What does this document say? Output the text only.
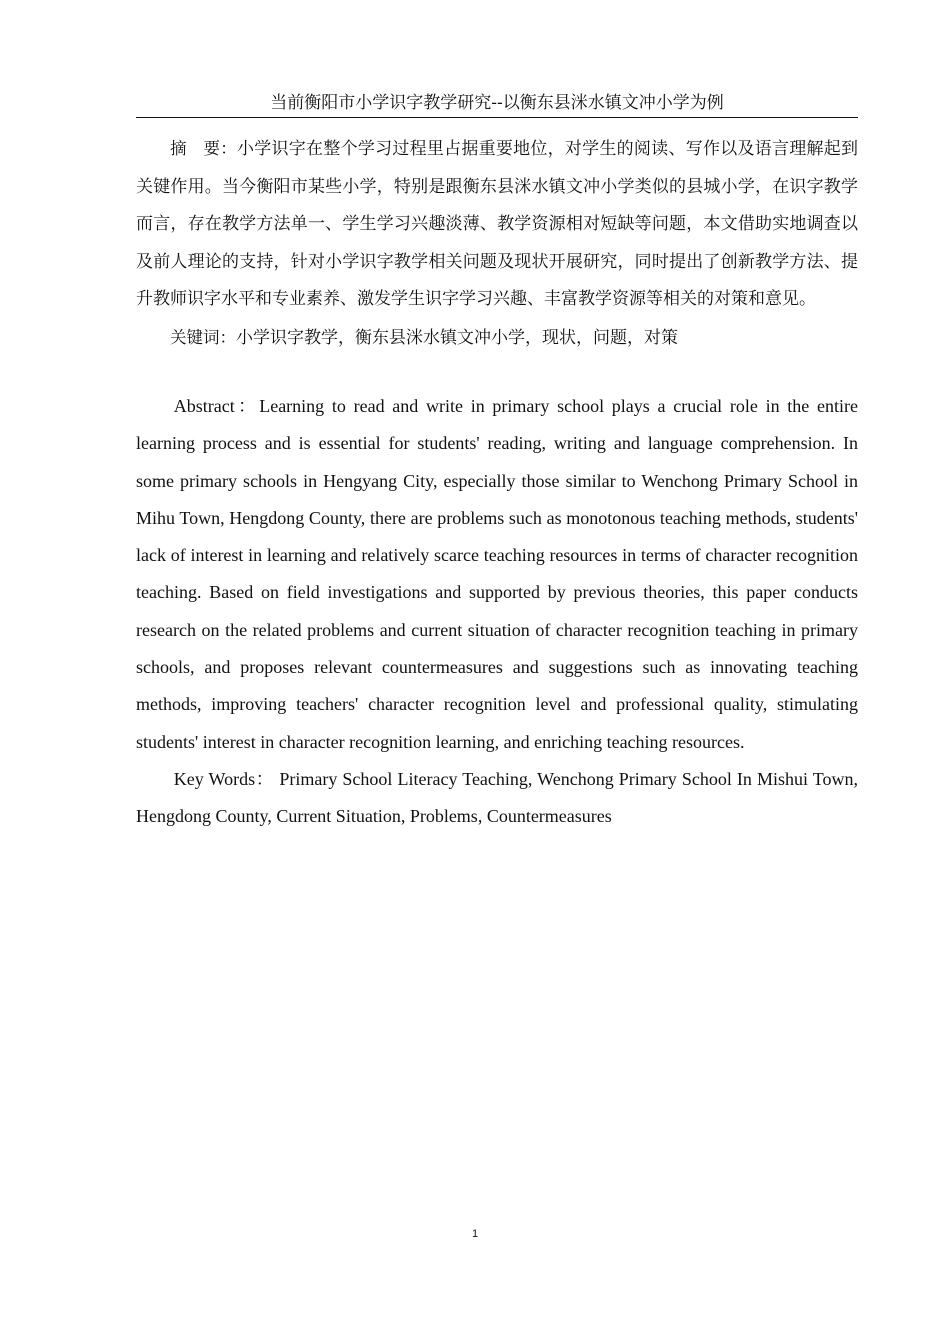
当前衡阳市小学识字教学研究--以衡东县洣水镇文冲小学为例

摘　要：小学识字在整个学习过程里占据重要地位，对学生的阅读、写作以及语言理解起到关键作用。当今衡阳市某些小学，特别是跟衡东县洣水镇文冲小学类似的县城小学，在识字教学而言，存在教学方法单一、学生学习兴趣淡薄、教学资源相对短缺等问题，本文借助实地调查以及前人理论的支持，针对小学识字教学相关问题及现状开展研究，同时提出了创新教学方法、提升教师识字水平和专业素养、激发学生识字学习兴趣、丰富教学资源等相关的对策和意见。

关键词：小学识字教学，衡东县洣水镇文冲小学，现状，问题，对策

Abstract：Learning to read and write in primary school plays a crucial role in the entire learning process and is essential for students' reading, writing and language comprehension. In some primary schools in Hengyang City, especially those similar to Wenchong Primary School in Mihu Town, Hengdong County, there are problems such as monotonous teaching methods, students' lack of interest in learning and relatively scarce teaching resources in terms of character recognition teaching. Based on field investigations and supported by previous theories, this paper conducts research on the related problems and current situation of character recognition teaching in primary schools, and proposes relevant countermeasures and suggestions such as innovating teaching methods, improving teachers' character recognition level and professional quality, stimulating students' interest in character recognition learning, and enriching teaching resources.

Key Words： Primary School Literacy Teaching, Wenchong Primary School In Mishui Town, Hengdong County, Current Situation, Problems, Countermeasures

1
